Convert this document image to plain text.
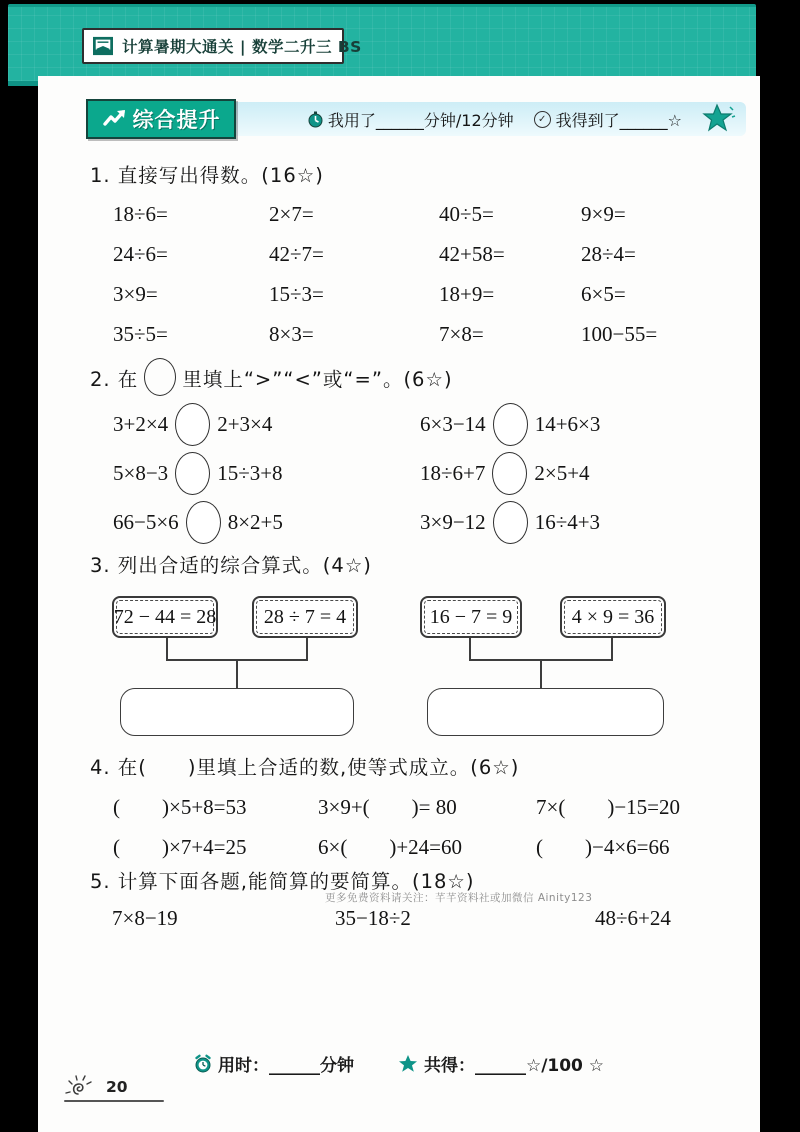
计算暑期大通关 | 数学二升三 BS
我用了______分钟/12分钟	✓ 我得到了______☆
综合提升
1. 直接写出得数。(16☆)
18÷6=	2×7=	40÷5=	9×9=
24÷6=	42÷7=	42+58=	28÷4=
3×9=	15÷3=	18+9=	6×5=
35÷5=	8×3=	7×8=	100−55=
2. 在 里填上“>”“<”或“=”。(6☆)
3+2×4 2+3×4	6×3−14 14+6×3
5×8−3 15÷3+8	18÷6+7 2×5+4
66−5×6 8×2+5	3×9−12 16÷4+3
3. 列出合适的综合算式。(4☆)
72 − 44 = 28 28 ÷ 7 = 4	16 − 7 = 9	4 × 9 = 36
4. 在(　　)里填上合适的数,使等式成立。(6☆)
(　　)×5+8=53	3×9+(　　)= 80	7×(　　)−15=20
(　　)×7+4=25	6×(　　)+24=60	(　　)−4×6=66
5. 计算下面各题,能简算的要简算。(18☆)
更多免费资料请关注：芊芊资料社或加微信 Ainity123
7×8−19	35−18÷2	48÷6+24
用时：______分钟	共得：______☆/100 ☆
20
